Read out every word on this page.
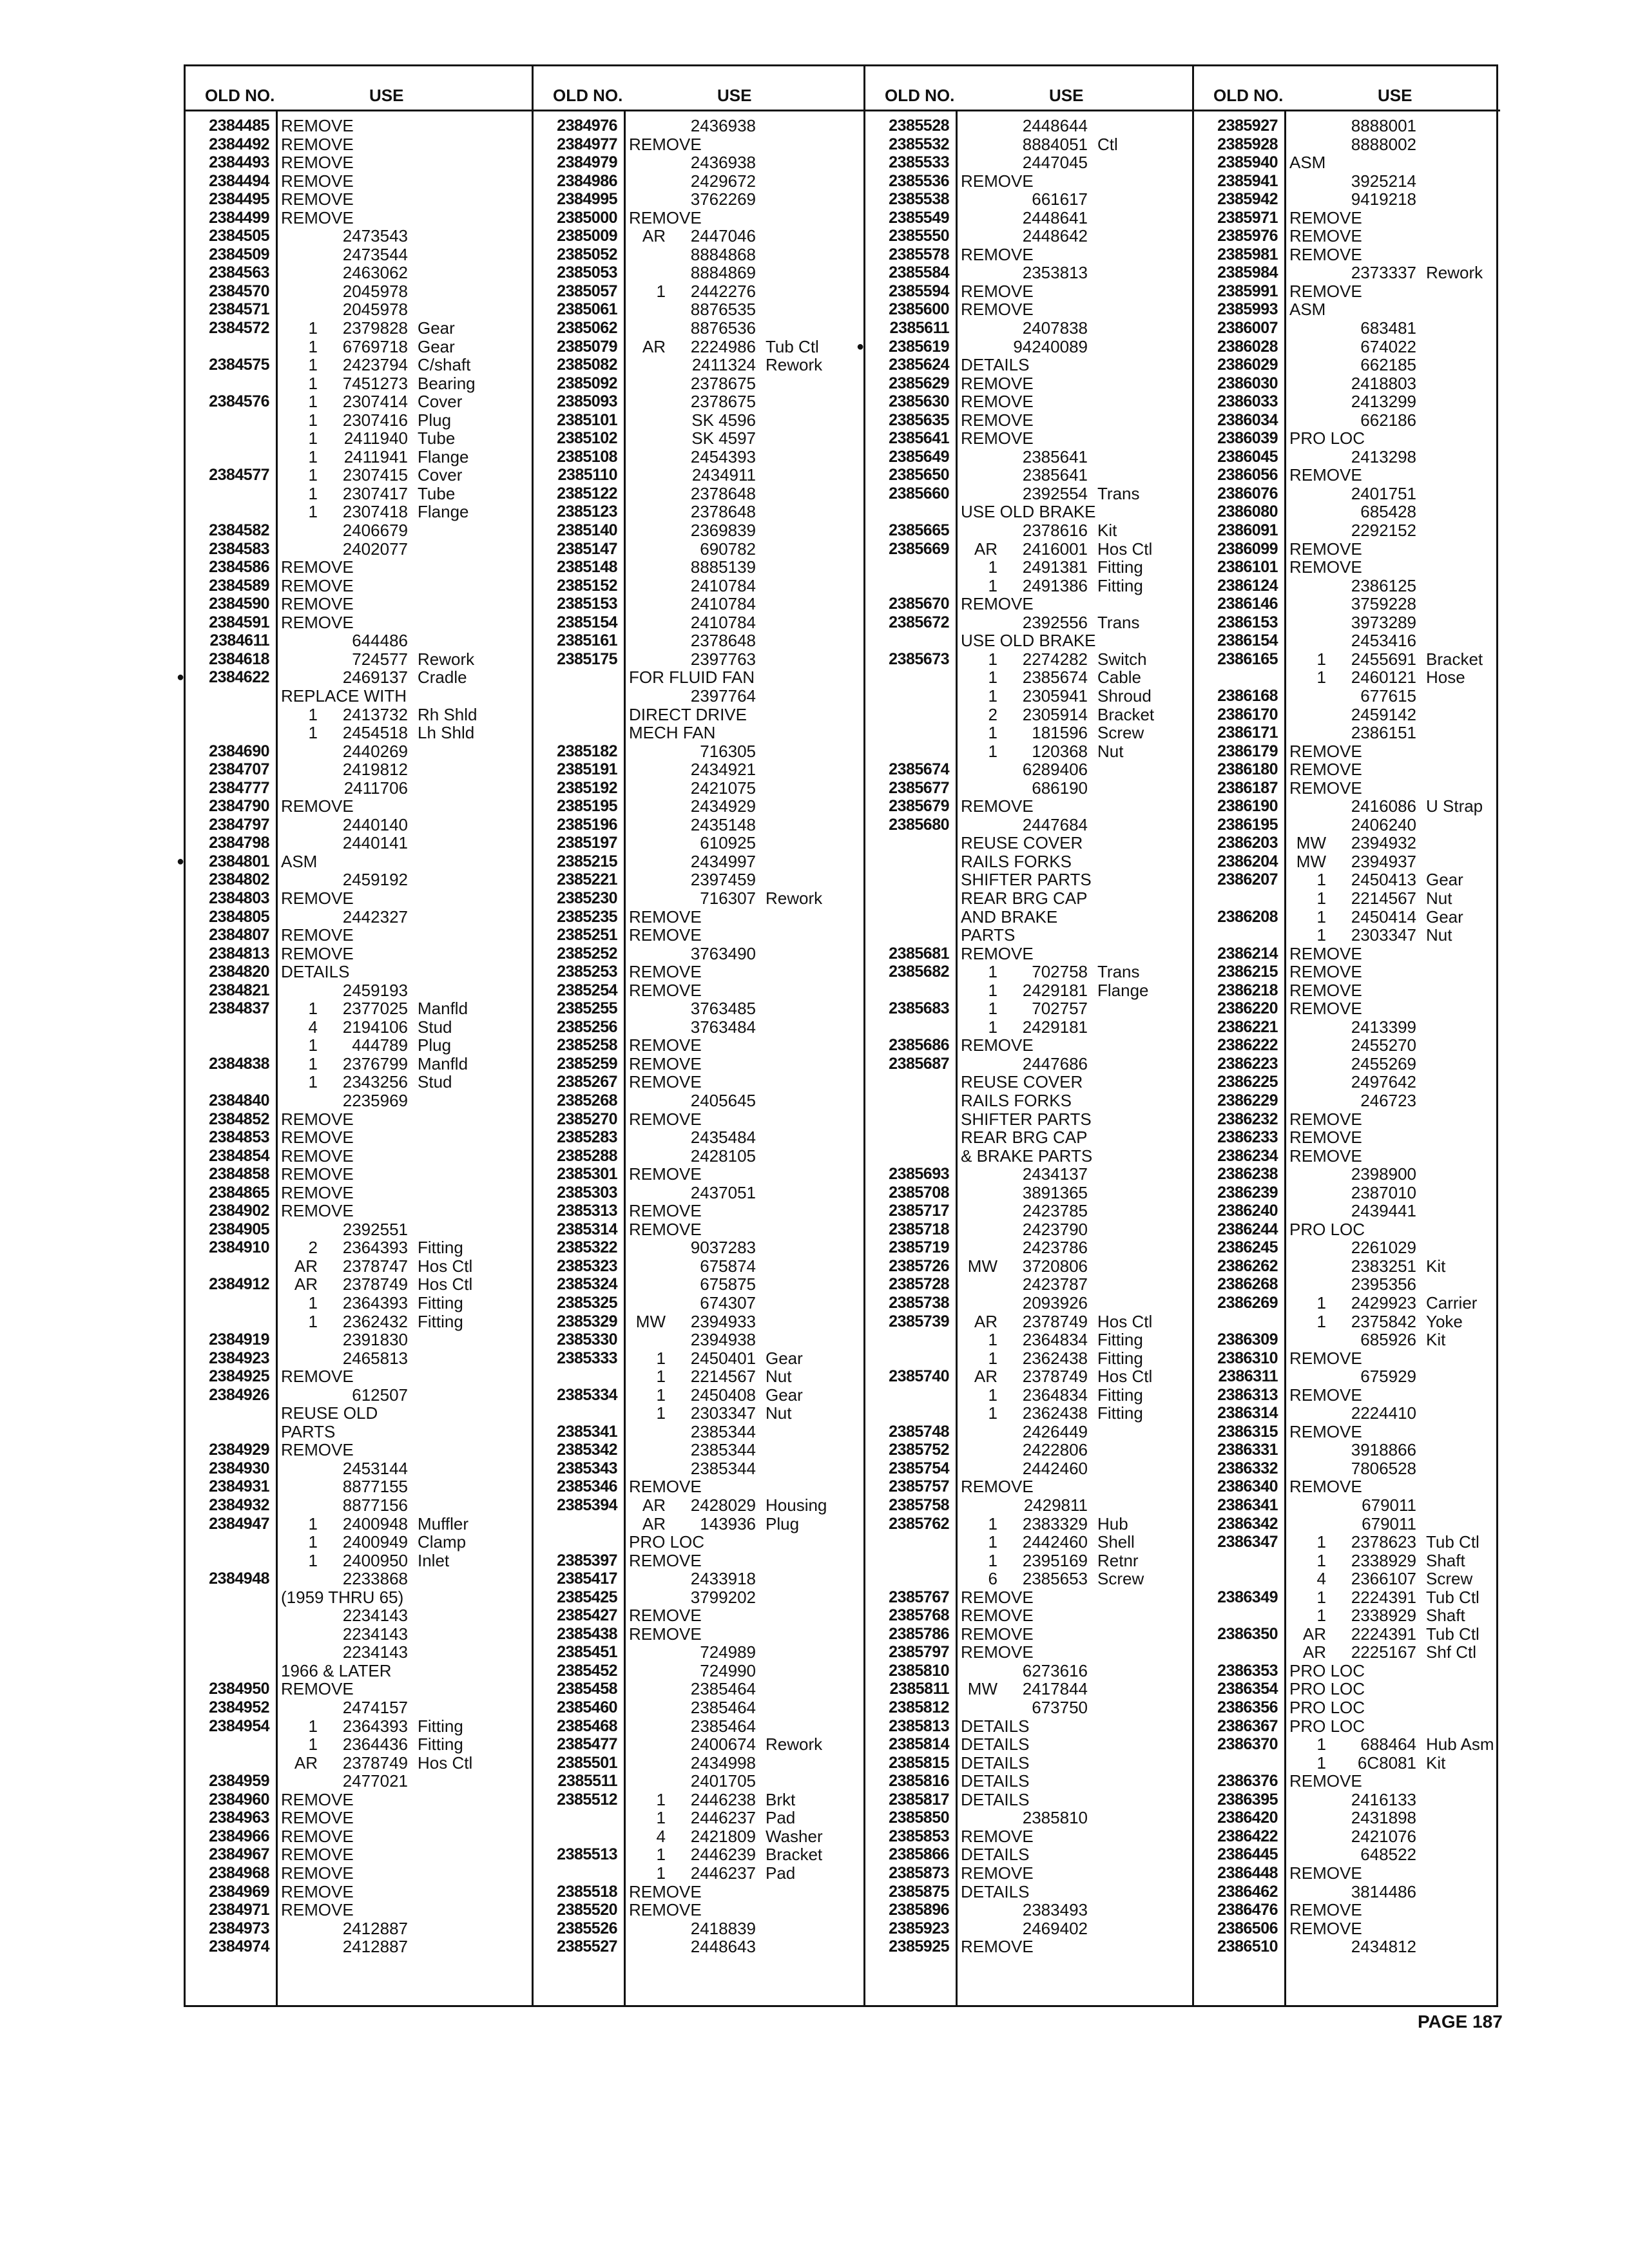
OLD NO.	USE
2384485 REMOVE
2384492 REMOVE
2384493 REMOVE
2384494 REMOVE
2384495 REMOVE
2384499 REMOVE
2384505	2473543
2384509	2473544
2384563	2463062
2384570	2045978
2384571	2045978
2384572	1	2379828 Gear
1	6769718 Gear
2384575	1	2423794 C/shaft
1	7451273 Bearing
2384576	1	2307414 Cover
1	2307416 Plug
1	2411940 Tube
1	2411941 Flange
2384577	1	2307415 Cover
1	2307417 Tube
1	2307418 Flange
2384582	2406679
2384583	2402077
2384586 REMOVE
2384589 REMOVE
2384590 REMOVE
2384591 REMOVE
2384611	644486
2384618	724577 Rework
●	2384622	2469137 Cradle
REPLACE WITH
1	2413732 Rh Shld
1	2454518 Lh Shld
2384690	2440269
2384707	2419812
2384777	2411706
2384790 REMOVE
2384797	2440140
2384798	2440141
●	2384801 ASM
2384802	2459192
2384803 REMOVE
2384805	2442327
2384807 REMOVE
2384813 REMOVE
2384820 DETAILS
2384821	2459193
2384837	1	2377025 Manfld
4	2194106 Stud
1	444789 Plug
2384838	1	2376799 Manfld
1	2343256 Stud
2384840	2235969
2384852 REMOVE
2384853 REMOVE
2384854 REMOVE
2384858 REMOVE
2384865 REMOVE
2384902 REMOVE
2384905	2392551
2384910	2	2364393 Fitting
AR	2378747 Hos Ctl
2384912	AR	2378749 Hos Ctl
1	2364393 Fitting
1	2362432 Fitting
2384919	2391830
2384923	2465813
2384925 REMOVE
2384926	612507
REUSE OLD
PARTS
2384929 REMOVE
2384930	2453144
2384931	8877155
2384932	8877156
2384947	1	2400948 Muffler
1	2400949 Clamp
1	2400950 Inlet
2384948	2233868
(1959 THRU 65)
2234143
2234143
2234143
1966 & LATER
2384950 REMOVE
2384952	2474157
2384954	1	2364393 Fitting
1	2364436 Fitting
AR	2378749 Hos Ctl
2384959	2477021
2384960 REMOVE
2384963 REMOVE
2384966 REMOVE
2384967 REMOVE
2384968 REMOVE
2384969 REMOVE
2384971 REMOVE
2384973	2412887
2384974	2412887
OLD NO.	USE
2384976	2436938
2384977 REMOVE
2384979	2436938
2384986	2429672
2384995	3762269
2385000 REMOVE
2385009	AR	2447046
2385052	8884868
2385053	8884869
2385057	1	2442276
2385061	8876535
2385062	8876536
2385079	AR	2224986 Tub Ctl
2385082	2411324 Rework
2385092	2378675
2385093	2378675
2385101	SK 4596
2385102	SK 4597
2385108	2454393
2385110	2434911
2385122	2378648
2385123	2378648
2385140	2369839
2385147	690782
2385148	8885139
2385152	2410784
2385153	2410784
2385154	2410784
2385161	2378648
2385175	2397763
FOR FLUID FAN
2397764
DIRECT DRIVE
MECH FAN
2385182	716305
2385191	2434921
2385192	2421075
2385195	2434929
2385196	2435148
2385197	610925
2385215	2434997
2385221	2397459
2385230	716307 Rework
2385235 REMOVE
2385251 REMOVE
2385252	3763490
2385253 REMOVE
2385254 REMOVE
2385255	3763485
2385256	3763484
2385258 REMOVE
2385259 REMOVE
2385267 REMOVE
2385268	2405645
2385270 REMOVE
2385283	2435484
2385288	2428105
2385301 REMOVE
2385303	2437051
2385313 REMOVE
2385314 REMOVE
2385322	9037283
2385323	675874
2385324	675875
2385325	674307
2385329	MW	2394933
2385330	2394938
2385333	1	2450401 Gear
1	2214567 Nut
2385334	1	2450408 Gear
1	2303347 Nut
2385341	2385344
2385342	2385344
2385343	2385344
2385346 REMOVE
2385394	AR	2428029 Housing
AR	143936 Plug
PRO LOC
2385397 REMOVE
2385417	2433918
2385425	3799202
2385427 REMOVE
2385438 REMOVE
2385451	724989
2385452	724990
2385458	2385464
2385460	2385464
2385468	2385464
2385477	2400674 Rework
2385501	2434998
2385511	2401705
2385512	1	2446238 Brkt
1	2446237 Pad
4	2421809 Washer
2385513	1	2446239 Bracket
1	2446237 Pad
2385518 REMOVE
2385520 REMOVE
2385526	2418839
2385527	2448643
OLD NO.	USE
2385528	2448644
2385532	8884051 Ctl
2385533	2447045
2385536 REMOVE
2385538	661617
2385549	2448641
2385550	2448642
2385578 REMOVE
2385584	2353813
2385594 REMOVE
2385600 REMOVE
2385611	2407838
●	2385619	94240089
2385624 DETAILS
2385629 REMOVE
2385630 REMOVE
2385635 REMOVE
2385641 REMOVE
2385649	2385641
2385650	2385641
2385660	2392554 Trans
USE OLD BRAKE
2385665	2378616 Kit
2385669	AR	2416001 Hos Ctl
1	2491381 Fitting
1	2491386 Fitting
2385670 REMOVE
2385672	2392556 Trans
USE OLD BRAKE
2385673	1	2274282 Switch
1	2385674 Cable
1	2305941 Shroud
2	2305914 Bracket
1	181596 Screw
1	120368 Nut
2385674	6289406
2385677	686190
2385679 REMOVE
2385680	2447684
REUSE COVER
RAILS FORKS
SHIFTER PARTS
REAR BRG CAP
AND BRAKE
PARTS
2385681 REMOVE
2385682	1	702758 Trans
1	2429181 Flange
2385683	1	702757
1	2429181
2385686 REMOVE
2385687	2447686
REUSE COVER
RAILS FORKS
SHIFTER PARTS
REAR BRG CAP
& BRAKE PARTS
2385693	2434137
2385708	3891365
2385717	2423785
2385718	2423790
2385719	2423786
2385726	MW	3720806
2385728	2423787
2385738	2093926
2385739	AR	2378749 Hos Ctl
1	2364834 Fitting
1	2362438 Fitting
2385740	AR	2378749 Hos Ctl
1	2364834 Fitting
1	2362438 Fitting
2385748	2426449
2385752	2422806
2385754	2442460
2385757 REMOVE
2385758	2429811
2385762	1	2383329 Hub
1	2442460 Shell
1	2395169 Retnr
6	2385653 Screw
2385767 REMOVE
2385768 REMOVE
2385786 REMOVE
2385797 REMOVE
2385810	6273616
2385811	MW	2417844
2385812	673750
2385813 DETAILS
2385814 DETAILS
2385815 DETAILS
2385816 DETAILS
2385817 DETAILS
2385850	2385810
2385853 REMOVE
2385866 DETAILS
2385873 REMOVE
2385875 DETAILS
2385896	2383493
2385923	2469402
2385925 REMOVE
OLD NO.	USE
2385927	8888001
2385928	8888002
2385940 ASM
2385941	3925214
2385942	9419218
2385971 REMOVE
2385976 REMOVE
2385981 REMOVE
2385984	2373337 Rework
2385991 REMOVE
2385993 ASM
2386007	683481
2386028	674022
2386029	662185
2386030	2418803
2386033	2413299
2386034	662186
2386039 PRO LOC
2386045	2413298
2386056 REMOVE
2386076	2401751
2386080	685428
2386091	2292152
2386099 REMOVE
2386101 REMOVE
2386124	2386125
2386146	3759228
2386153	3973289
2386154	2453416
2386165	1	2455691 Bracket
1	2460121 Hose
2386168	677615
2386170	2459142
2386171	2386151
2386179 REMOVE
2386180 REMOVE
2386187 REMOVE
2386190	2416086 U Strap
2386195	2406240
2386203	MW	2394932
2386204	MW	2394937
2386207	1	2450413 Gear
1	2214567 Nut
2386208	1	2450414 Gear
1	2303347 Nut
2386214 REMOVE
2386215 REMOVE
2386218 REMOVE
2386220 REMOVE
2386221	2413399
2386222	2455270
2386223	2455269
2386225	2497642
2386229	246723
2386232 REMOVE
2386233 REMOVE
2386234 REMOVE
2386238	2398900
2386239	2387010
2386240	2439441
2386244 PRO LOC
2386245	2261029
2386262	2383251 Kit
2386268	2395356
2386269	1	2429923 Carrier
1	2375842 Yoke
2386309	685926 Kit
2386310 REMOVE
2386311	675929
2386313 REMOVE
2386314	2224410
2386315 REMOVE
2386331	3918866
2386332	7806528
2386340 REMOVE
2386341	679011
2386342	679011
2386347	1	2378623 Tub Ctl
1	2338929 Shaft
4	2366107 Screw
2386349	1	2224391 Tub Ctl
1	2338929 Shaft
2386350	AR	2224391 Tub Ctl
AR	2225167 Shf Ctl
2386353 PRO LOC
2386354 PRO LOC
2386356 PRO LOC
2386367 PRO LOC
2386370	1	688464 Hub Asm
1	6C8081 Kit
2386376 REMOVE
2386395	2416133
2386420	2431898
2386422	2421076
2386445	648522
2386448 REMOVE
2386462	3814486
2386476 REMOVE
2386506 REMOVE
2386510	2434812
PAGE 187
